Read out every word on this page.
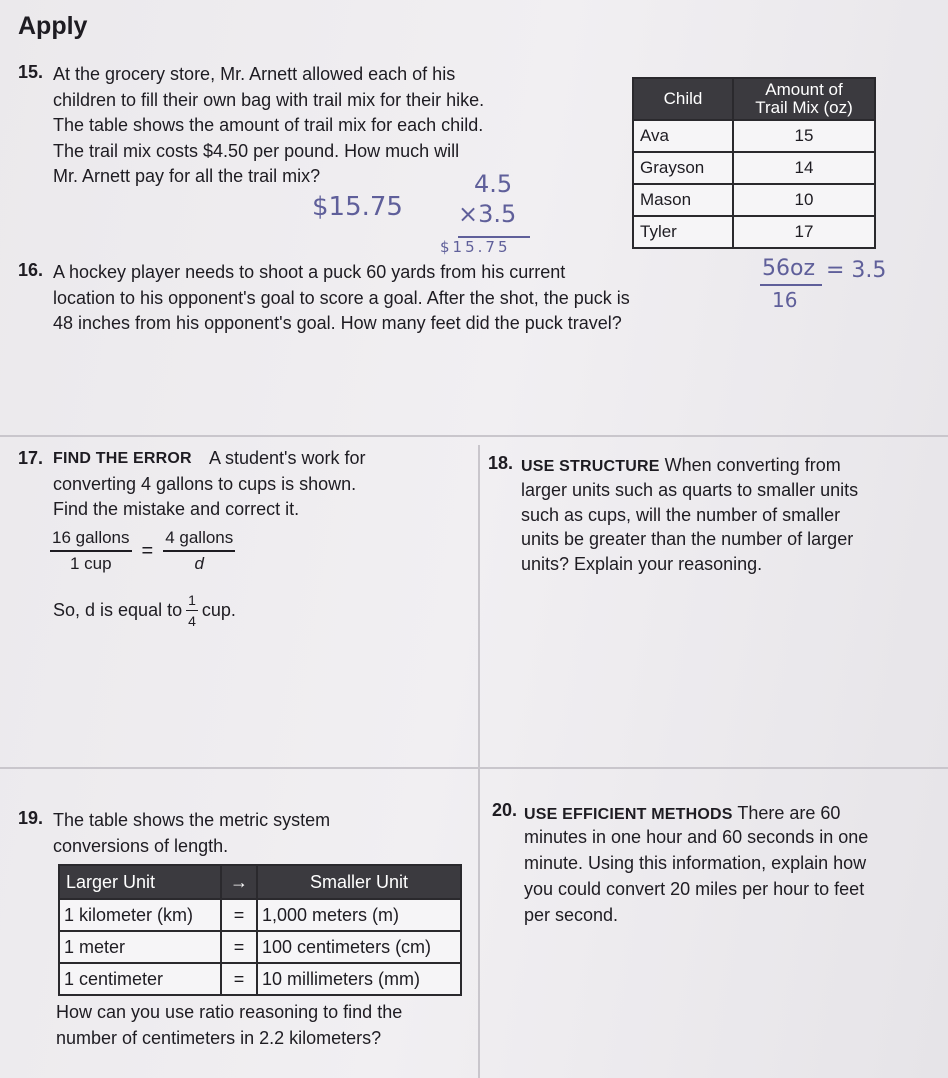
Apply
15. At the grocery store, Mr. Arnett allowed each of his
children to fill their own bag with trail mix for their hike.
The table shows the amount of trail mix for each child.
The trail mix costs $4.50 per pound. How much will
Mr. Arnett pay for all the trail mix?

Child	Amount of
Trail Mix (oz)
Ava	15
Grayson	14
Mason	10
Tyler	17
$15.75
4.5
×3.5
$15.75
56oz
16
= 3.5
16. A hockey player needs to shoot a puck 60 yards from his current
location to his opponent's goal to score a goal. After the shot, the puck is
48 inches from his opponent's goal. How many feet did the puck travel?

17. FIND THE ERROR A student's work for
converting 4 gallons to cups is shown.
Find the mistake and correct it.

$\frac{\text{16 gallons}}{\text{1 cup}} = \frac{\text{4 gallons}}{d}$
So, d is equal to $\frac{1}{4}$ cup.
18. USE STRUCTURE When converting from

larger units such as quarts to smaller units
such as cups, will the number of smaller
units be greater than the number of larger
units? Explain your reasoning.

19. The table shows the metric system
conversions of length.

Larger Unit	→	Smaller Unit
1 kilometer (km)	=	1,000 meters (m)
1 meter	=	100 centimeters (cm)
1 centimeter	=	10 millimeters (mm)

How can you use ratio reasoning to find the
number of centimeters in 2.2 kilometers?

20. USE EFFICIENT METHODS There are 60

minutes in one hour and 60 seconds in one
minute. Using this information, explain how
you could convert 20 miles per hour to feet
per second.
